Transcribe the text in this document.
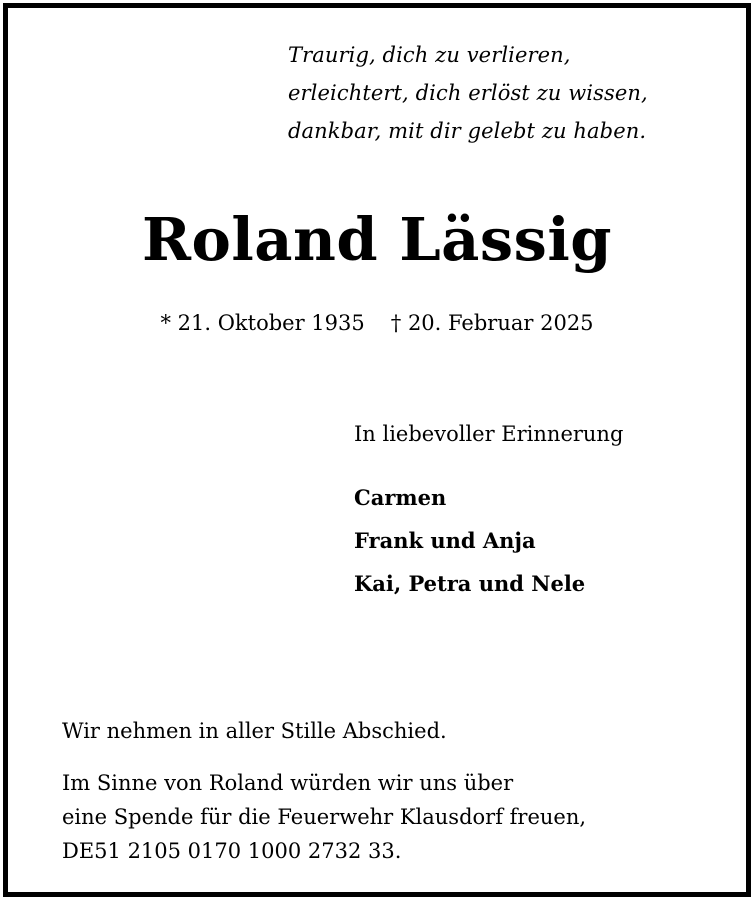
Traurig, dich zu verlieren,
erleichtert, dich erlöst zu wissen,
dankbar, mit dir gelebt zu haben.
Roland Lässig
* 21. Oktober 1935 † 20. Februar 2025
In liebevoller Erinnerung
Carmen
Frank und Anja
Kai, Petra und Nele
Wir nehmen in aller Stille Abschied.
Im Sinne von Roland würden wir uns über
eine Spende für die Feuerwehr Klausdorf freuen,
DE51 2105 0170 1000 2732 33.
